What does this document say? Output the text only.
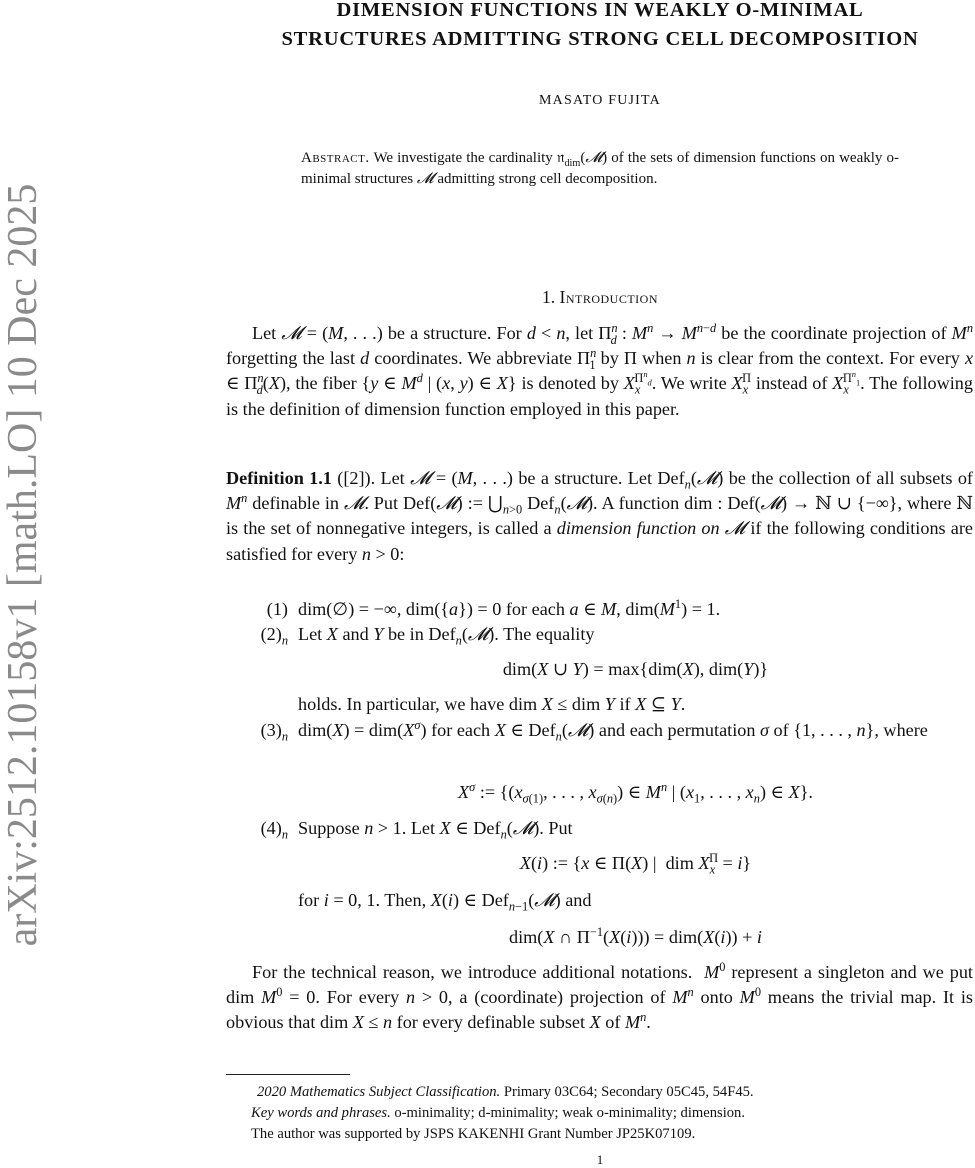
arXiv:2512.10158v1 [math.LO] 10 Dec 2025
DIMENSION FUNCTIONS IN WEAKLY O-MINIMAL
STRUCTURES ADMITTING STRONG CELL DECOMPOSITION
MASATO FUJITA
Abstract. We investigate the cardinality 𝔫$_{dim}$(𝓜) of the sets of dimension functions on weakly o-minimal structures 𝓜 admitting strong cell decomposition.
1. Introduction
Let 𝓜 = (M, . . .) be a structure. For d < n, let $\Pi^n_d$ : $M^n \to M^{n-d}$ be the coordinate projection of $M^n$ forgetting the last d coordinates. We abbreviate $\Pi^n_1$ by Π when n is clear from the context. For every x ∈ $\Pi^n_d(X)$, the fiber {y ∈ $M^d$ | (x, y) ∈ X} is denoted by $X_x^{\Pi^n_d}$. We write $X_x^\Pi$ instead of $X_x^{\Pi^n_1}$. The following is the definition of dimension function employed in this paper.
Definition 1.1 ([2]). Let 𝓜 = (M, . . .) be a structure. Let Def$_n$(𝓜) be the collection of all subsets of $M^n$ definable in 𝓜. Put Def(𝓜) := $⋃_{n>0}$ Def$_n$(𝓜). A function dim : Def(𝓜) → ℕ ∪ {−∞}, where ℕ is the set of nonnegative integers, is called a dimension function on 𝓜 if the following conditions are satisfied for every n > 0:
(1) dim(∅) = −∞, dim({a}) = 0 for each a ∈ M, $dim(M^1) = 1$.
$(2)_n$ Let X and Y be in Def$_n$(𝓜). The equality
dim(X ∪ Y) = max{dim(X), dim(Y)}
holds. In particular, we have dim X ≤ dim Y if X ⊆ Y.
$(3)_n$ $dim(X) = dim(X^\sigma)$ for each X ∈ Def$_n$(𝓜) and each permutation σ of {1, . . . , n}, where
$X^\sigma$ := {($x_{\sigma(1)}$, . . . , $x_{\sigma(n)}$) ∈ $M^n$ | ($x_1$, . . . , $x_n$) ∈ X}.
$(4)_n$ Suppose n > 1. Let X ∈ Def$_n$(𝓜). Put
X(i) := {x ∈ Π(X) |  dim $X_x^\Pi = i$}
for i = 0, 1. Then, X(i) ∈ Def$_{n-1}$(𝓜) and
dim(X ∩ $\Pi^{-1}(X(i))) = dim(X(i)) + i$
For the technical reason, we introduce additional notations.  $M^0$ represent a singleton and we put dim $M^0 = 0$. For every n > 0, a (coordinate) projection of $M^n$ onto $M^0$ means the trivial map. It is obvious that dim X ≤ n for every definable subset X of $M^n$.
2020 Mathematics Subject Classification. Primary 03C64; Secondary 05C45, 54F45.
Key words and phrases. o-minimality; d-minimality; weak o-minimality; dimension.
The author was supported by JSPS KAKENHI Grant Number JP25K07109.
1
